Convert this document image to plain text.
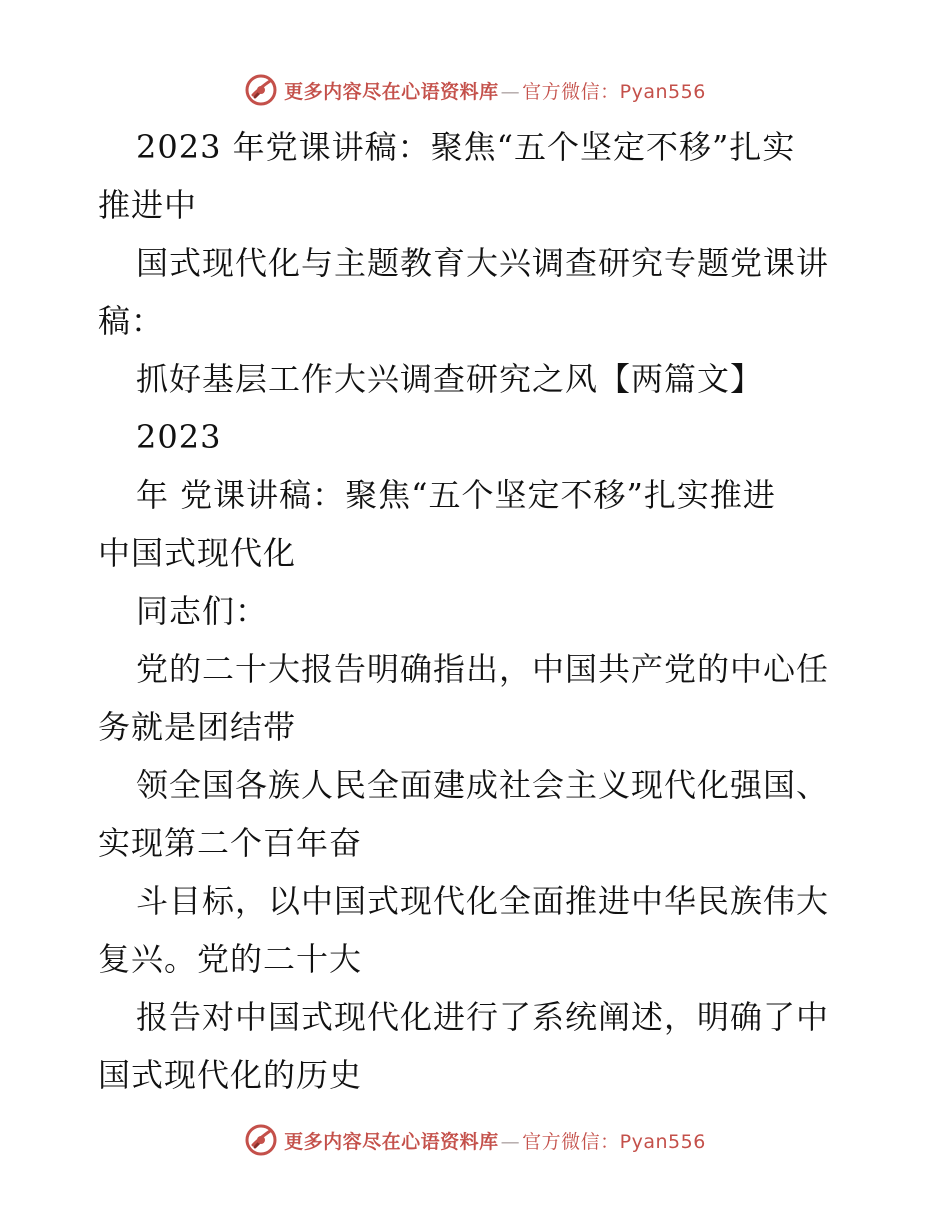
更多内容尽在心语资料库 — 官方微信：Pyan556
2023 年党课讲稿：聚焦“五个坚定不移”扎实
推进中
国式现代化与主题教育大兴调查研究专题党课讲
稿：
抓好基层工作大兴调查研究之风【两篇文】
2023
年 党课讲稿：聚焦“五个坚定不移”扎实推进
中国式现代化
同志们：
党的二十大报告明确指出，中国共产党的中心任
务就是团结带
领全国各族人民全面建成社会主义现代化强国、
实现第二个百年奋
斗目标，以中国式现代化全面推进中华民族伟大
复兴。党的二十大
报告对中国式现代化进行了系统阐述，明确了中
国式现代化的历史
更多内容尽在心语资料库 — 官方微信：Pyan556
